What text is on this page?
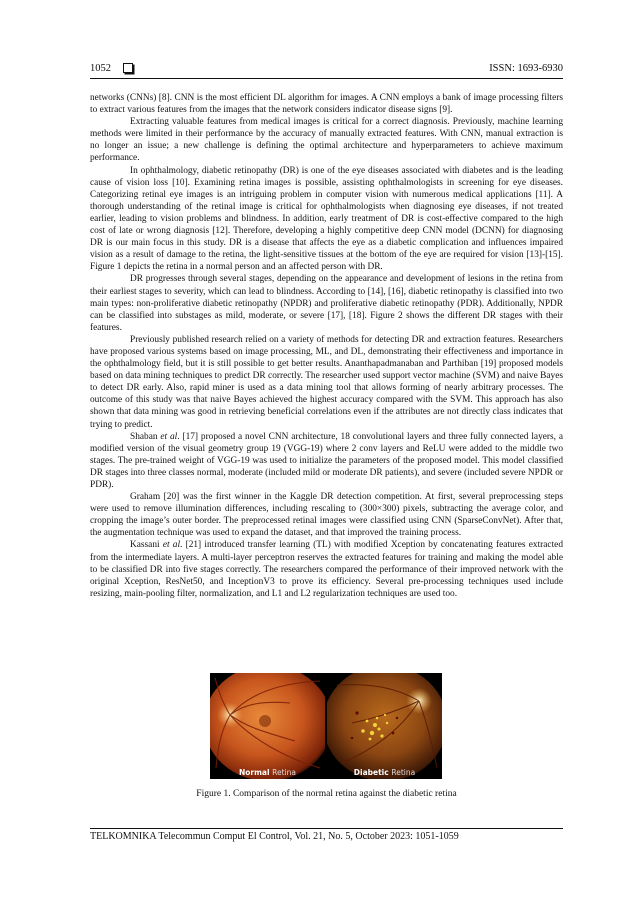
1052	ISSN: 1693-6930

networks (CNNs) [8]. CNN is the most efficient DL algorithm for images. A CNN employs a bank of image processing filters to extract various features from the images that the network considers indicator disease signs [9].

Extracting valuable features from medical images is critical for a correct diagnosis. Previously, machine learning methods were limited in their performance by the accuracy of manually extracted features. With CNN, manual extraction is no longer an issue; a new challenge is defining the optimal architecture and hyperparameters to achieve maximum performance.

In ophthalmology, diabetic retinopathy (DR) is one of the eye diseases associated with diabetes and is the leading cause of vision loss [10]. Examining retina images is possible, assisting ophthalmologists in screening for eye diseases. Categorizing retinal eye images is an intriguing problem in computer vision with numerous medical applications [11]. A thorough understanding of the retinal image is critical for ophthalmologists when diagnosing eye diseases, if not treated earlier, leading to vision problems and blindness. In addition, early treatment of DR is cost-effective compared to the high cost of late or wrong diagnosis [12]. Therefore, developing a highly competitive deep CNN model (DCNN) for diagnosing DR is our main focus in this study. DR is a disease that affects the eye as a diabetic complication and influences impaired vision as a result of damage to the retina, the light-sensitive tissues at the bottom of the eye are required for vision [13]-[15]. Figure 1 depicts the retina in a normal person and an affected person with DR.

DR progresses through several stages, depending on the appearance and development of lesions in the retina from their earliest stages to severity, which can lead to blindness. According to [14], [16], diabetic retinopathy is classified into two main types: non-proliferative diabetic retinopathy (NPDR) and proliferative diabetic retinopathy (PDR). Additionally, NPDR can be classified into substages as mild, moderate, or severe [17], [18]. Figure 2 shows the different DR stages with their features.

Previously published research relied on a variety of methods for detecting DR and extraction features. Researchers have proposed various systems based on image processing, ML, and DL, demonstrating their effectiveness and importance in the ophthalmology field, but it is still possible to get better results. Ananthapadmanaban and Parthiban [19] proposed models based on data mining techniques to predict DR correctly. The researcher used support vector machine (SVM) and naive Bayes to detect DR early. Also, rapid miner is used as a data mining tool that allows forming of nearly arbitrary processes. The outcome of this study was that naive Bayes achieved the highest accuracy compared with the SVM. This approach has also shown that data mining was good in retrieving beneficial correlations even if the attributes are not directly class indicates that trying to predict.

Shaban et al. [17] proposed a novel CNN architecture, 18 convolutional layers and three fully connected layers, a modified version of the visual geometry group 19 (VGG-19) where 2 conv layers and ReLU were added to the middle two stages. The pre-trained weight of VGG-19 was used to initialize the parameters of the proposed model. This model classified DR stages into three classes normal, moderate (included mild or moderate DR patients), and severe (included severe NPDR or PDR).

Graham [20] was the first winner in the Kaggle DR detection competition. At first, several preprocessing steps were used to remove illumination differences, including rescaling to (300×300) pixels, subtracting the average color, and cropping the image’s outer border. The preprocessed retinal images were classified using CNN (SparseConvNet). After that, the augmentation technique was used to expand the dataset, and that improved the training process.

Kassani et al. [21] introduced transfer learning (TL) with modified Xception by concatenating features extracted from the intermediate layers. A multi-layer perceptron reserves the extracted features for training and making the model able to be classified DR into five stages correctly. The researchers compared the performance of their improved network with the original Xception, ResNet50, and InceptionV3 to prove its efficiency. Several pre-processing techniques used include resizing, main-pooling filter, normalization, and L1 and L2 regularization techniques are used too.

Normal Retina	Diabetic Retina
Figure 1. Comparison of the normal retina against the diabetic retina
TELKOMNIKA Telecommun Comput El Control, Vol. 21, No. 5, October 2023: 1051-1059
